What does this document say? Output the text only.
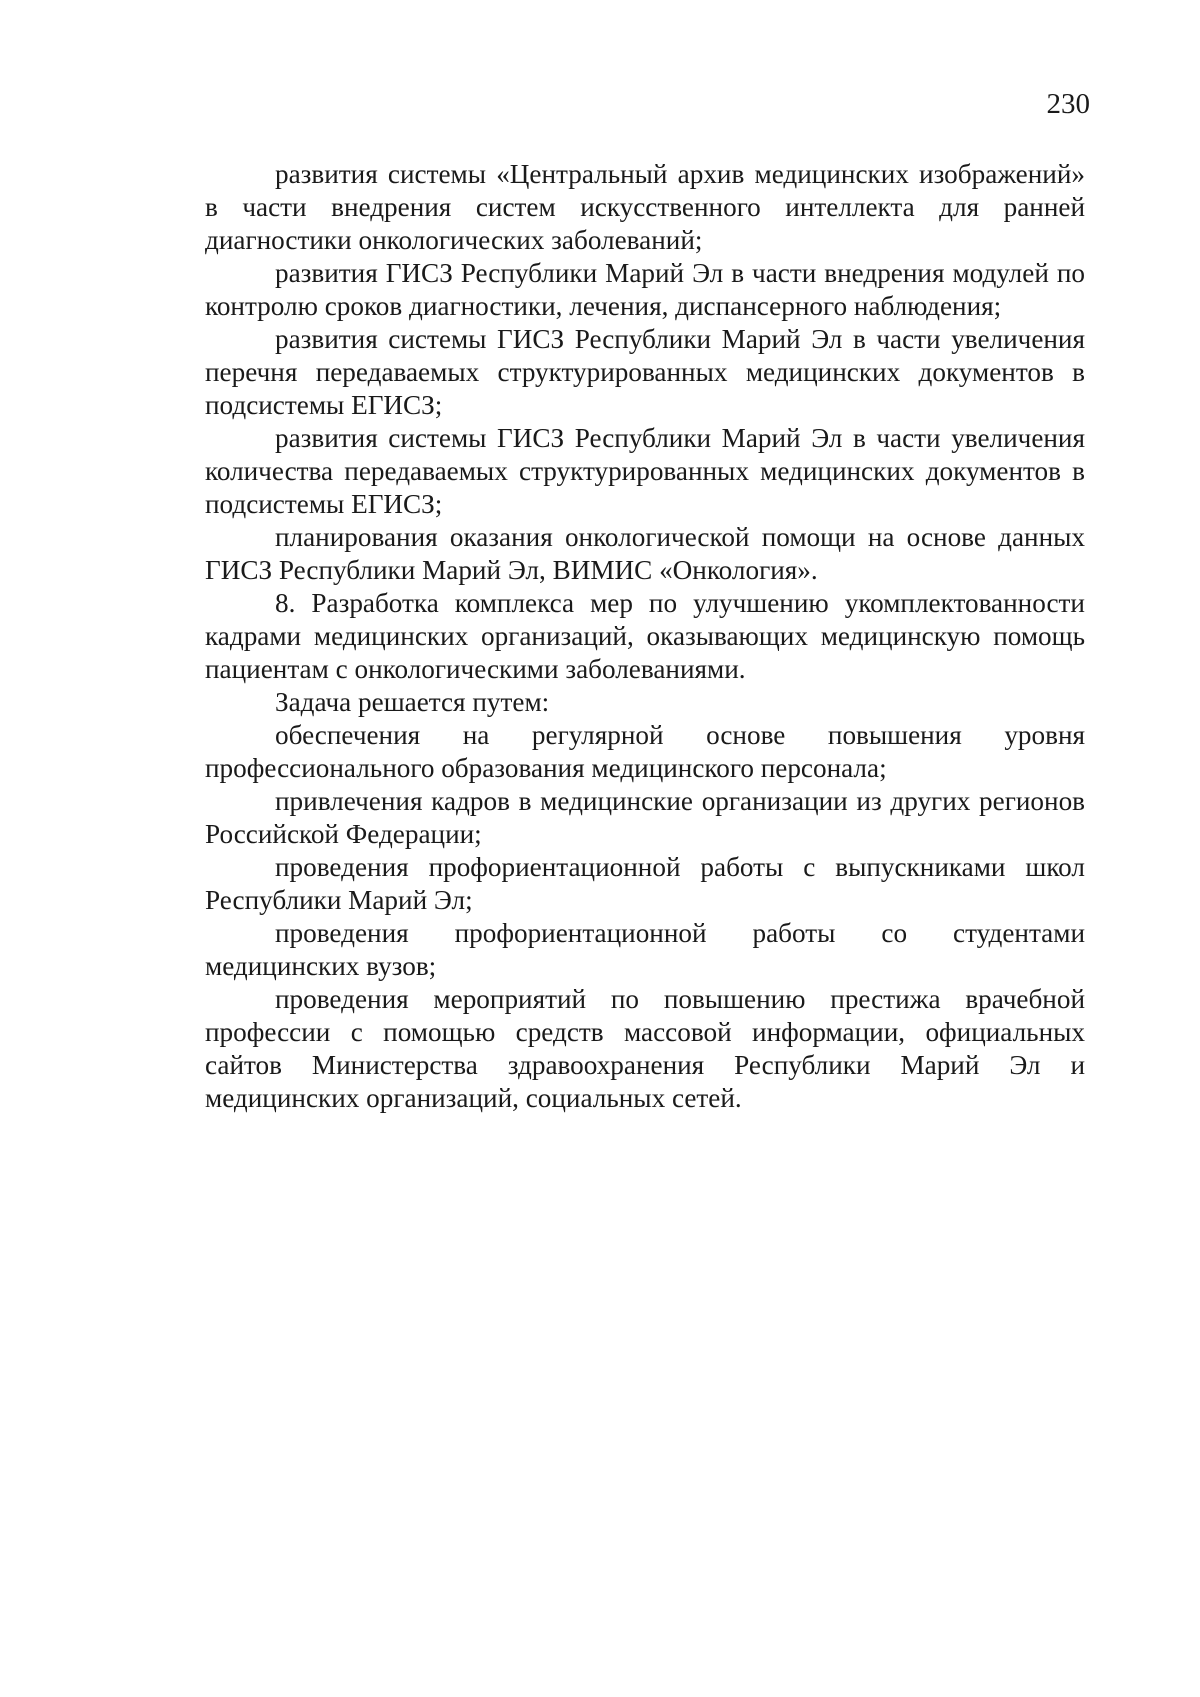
230

развития системы «Центральный архив медицинских изображений» в части внедрения систем искусственного интеллекта для ранней диагностики онкологических заболеваний;

развития ГИСЗ Республики Марий Эл в части внедрения модулей по контролю сроков диагностики, лечения, диспансерного наблюдения;

развития системы ГИСЗ Республики Марий Эл в части увеличения перечня передаваемых структурированных медицинских документов в подсистемы ЕГИСЗ;

развития системы ГИСЗ Республики Марий Эл в части увеличения количества передаваемых структурированных медицинских документов в подсистемы ЕГИСЗ;

планирования оказания онкологической помощи на основе данных ГИСЗ Республики Марий Эл, ВИМИС «Онкология».

8. Разработка комплекса мер по улучшению укомплектованности кадрами медицинских организаций, оказывающих медицинскую помощь пациентам с онкологическими заболеваниями.

Задача решается путем:

обеспечения на регулярной основе повышения уровня профессионального образования медицинского персонала;

привлечения кадров в медицинские организации из других регионов Российской Федерации;

проведения профориентационной работы с выпускниками школ Республики Марий Эл;

проведения профориентационной работы со студентами медицинских вузов;

проведения мероприятий по повышению престижа врачебной профессии с помощью средств массовой информации, официальных сайтов Министерства здравоохранения Республики Марий Эл и медицинских организаций, социальных сетей.
